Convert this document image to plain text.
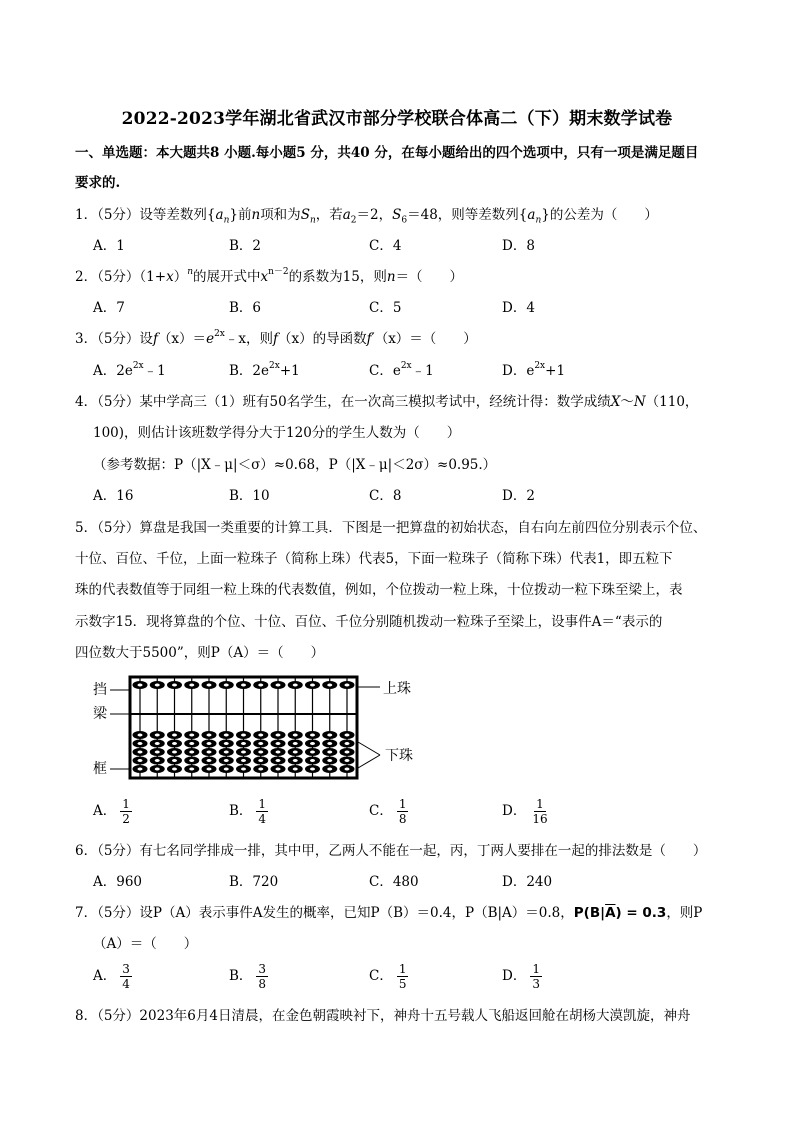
2022-2023学年湖北省武汉市部分学校联合体高二（下）期末数学试卷
一、单选题：本大题共8 小题.每小题5 分，共40 分，在每小题给出的四个选项中，只有一项是满足题目
要求的.
1．（5分）设等差数列$\{a_n\}$前n项和为$S_n$，若$a_2=2$，$S_6=48$，则等差数列$\{a_n\}$的公差为（　　）
A．1	B．2	C．4	D．8
2．（5分）$(1+x)^n$的展开式中$x^{n-2}$的系数为15，则n＝（　　）
A．7	B．6	C．5	D．4
3．（5分）设$f(x)=e^{2x}﹣x$，则f（x）的导函数f′（x）＝（　　）
A．$2e^{2x}﹣1$	B．$2e^{2x}+1$	C．$e^{2x}﹣1$	D．$e^{2x}+1$
4．（5分）某中学高三（1）班有50名学生，在一次高三模拟考试中，经统计得：数学成绩X～N（110，
100)，则估计该班数学得分大于120分的学生人数为（　　）
（参考数据：P（|X﹣μ|＜σ）≈0.68，P（|X﹣μ|＜2σ）≈0.95.）
A．16	B．10	C．8	D．2
5．（5分）算盘是我国一类重要的计算工具．下图是一把算盘的初始状态，自右向左前四位分别表示个位、
十位、百位、千位，上面一粒珠子（简称上珠）代表5，下面一粒珠子（简称下珠）代表1，即五粒下
珠的代表数值等于同组一粒上珠的代表数值，例如，个位拨动一粒上珠，十位拨动一粒下珠至梁上，表
示数字15．现将算盘的个位、十位、百位、千位分别随机拨动一粒珠子至梁上，设事件A＝“表示的
四位数大于5500”，则P（A）＝（　　）
挡
梁
框
上珠
下珠
A． $\frac{1}{2}$	B． $\frac{1}{4}$	C． $\frac{1}{8}$	D． $\frac{1}{16}$
6．（5分）有七名同学排成一排，其中甲，乙两人不能在一起，丙，丁两人要排在一起的排法数是（　　）
A．960	B．720	C．480	D．240
7．（5分）设P（A）表示事件A发生的概率，已知P（B）＝0.4，P（B|A）＝0.8，$P(B|\overline{A}) = 0.3$，则P
（A）＝（　　）
A． $\frac{3}{4}$	B． $\frac{3}{8}$	C． $\frac{1}{5}$	D． $\frac{1}{3}$
8．（5分）2023年6月4日清晨，在金色朝霞映衬下，神舟十五号载人飞船返回舱在胡杨大漠凯旋，神舟
